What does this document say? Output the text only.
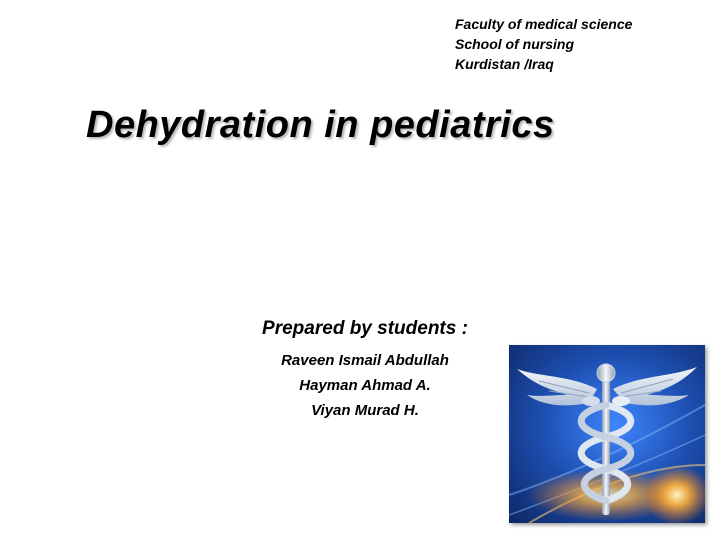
Faculty of medical science
School of nursing
Kurdistan /Iraq
Dehydration in pediatrics
Prepared by students :
Raveen Ismail Abdullah
Hayman Ahmad A.
Viyan Murad H.
